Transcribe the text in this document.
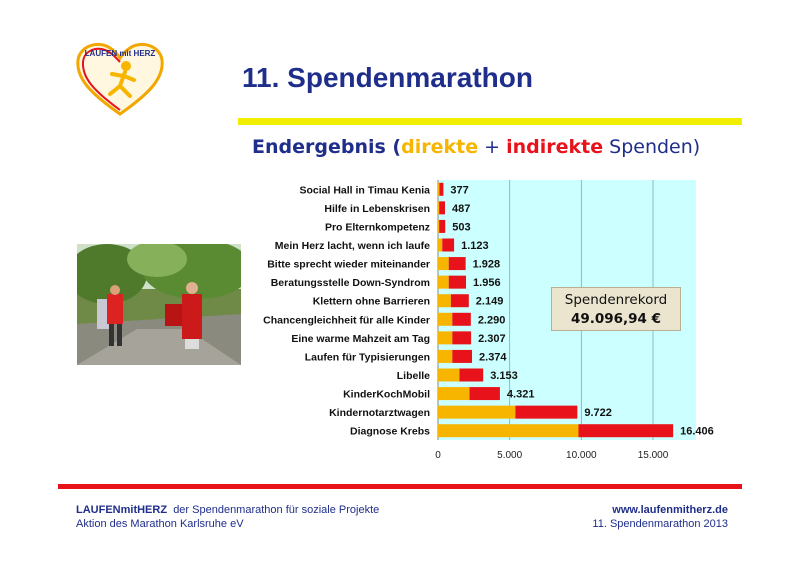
LAUFEN mit HERZ
11. Spendenmarathon
Endergebnis (direkte + indirekte Spenden)
0	5.000	10.000	15.000
Social Hall in Timau Kenia 377
Hilfe in Lebenskrisen 487
Pro Elternkompetenz 503
Mein Herz lacht, wenn ich laufe	1.123
Bitte sprecht wieder miteinander	1.928
Beratungsstelle Down-Syndrom	1.956
Klettern ohne Barrieren	2.149
Chancengleichheit für alle Kinder	2.290
Eine warme Mahzeit am Tag	2.307
Laufen für Typisierungen	2.374
Libelle	3.153
KinderKochMobil	4.321
Kindernotarztwagen	9.722
Diagnose Krebs	16.406
Spendenrekord
49.096,94 €
LAUFENmitHERZ der Spendenmarathon für soziale Projekte
Aktion des Marathon Karlsruhe eV
www.laufenmitherz.de
11. Spendenmarathon 2013
